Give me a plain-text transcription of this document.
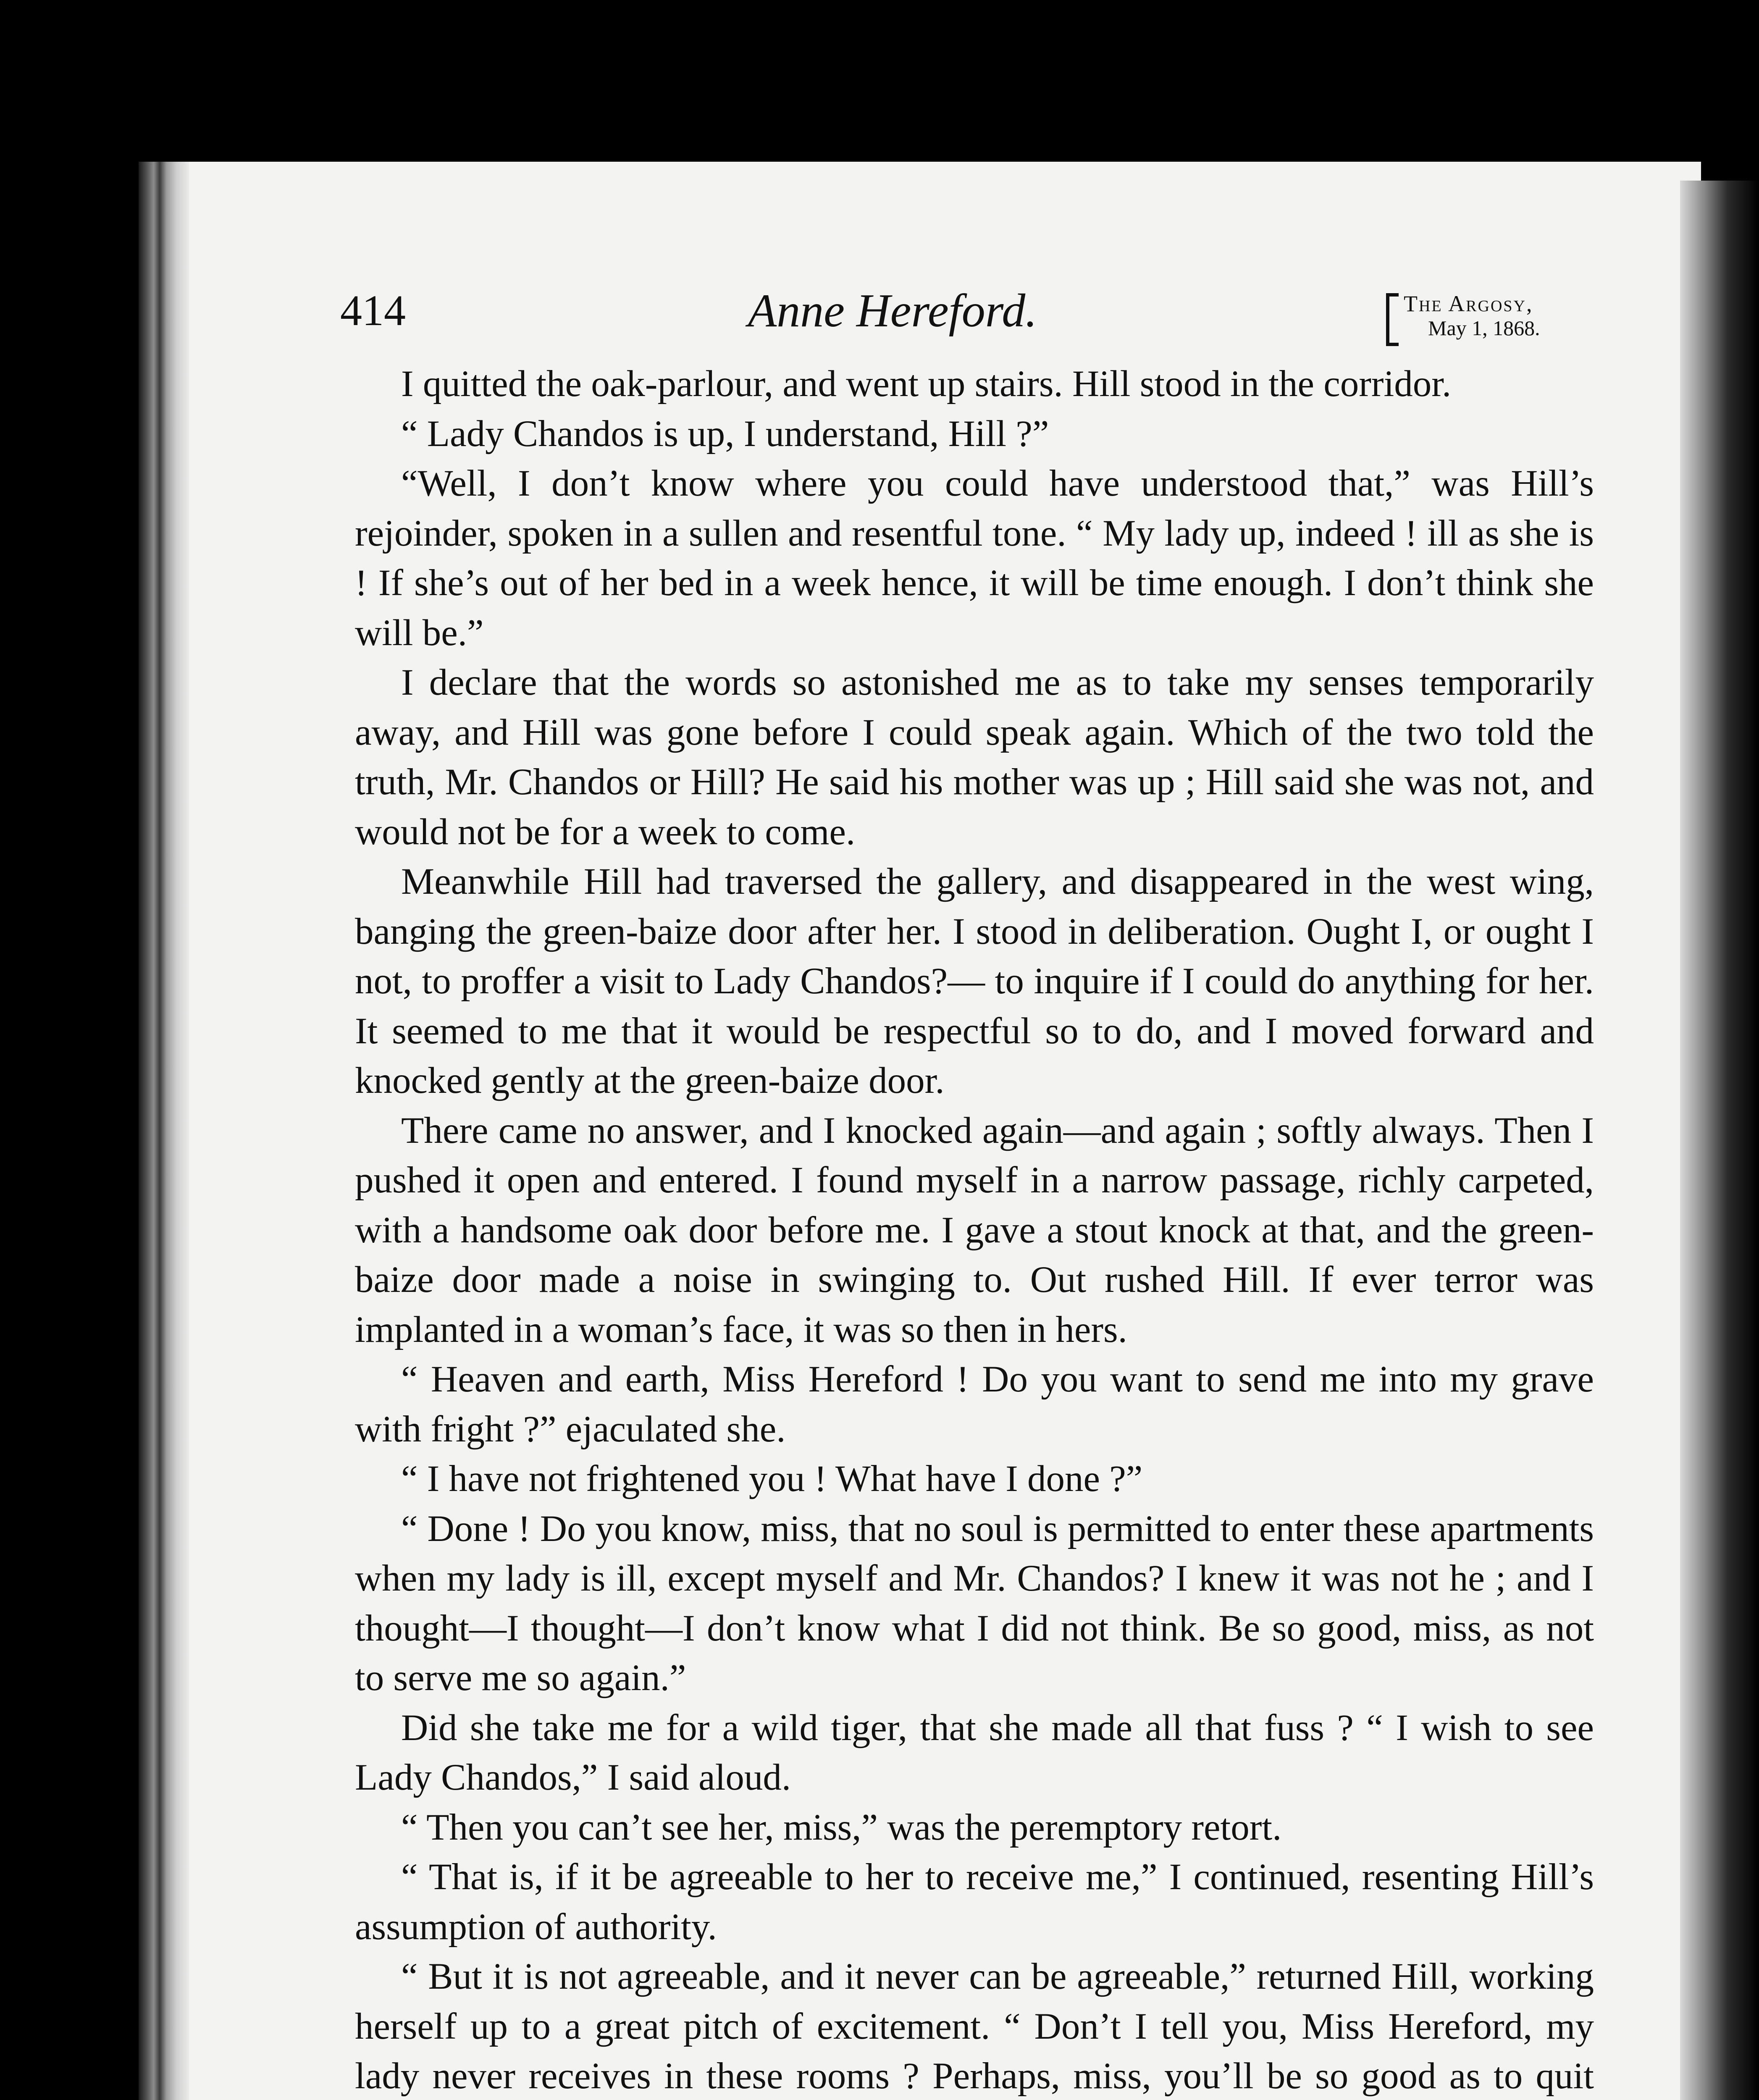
414	Anne Hereford.	The Argosy,
May 1, 1868.

I quitted the oak-parlour, and went up stairs. Hill stood in the corridor.

“ Lady Chandos is up, I understand, Hill ?”

“Well, I don’t know where you could have understood that,” was Hill’s rejoinder, spoken in a sullen and resentful tone. “ My lady up, indeed ! ill as she is ! If she’s out of her bed in a week hence, it will be time enough. I don’t think she will be.”

I declare that the words so astonished me as to take my senses temporarily away, and Hill was gone before I could speak again. Which of the two told the truth, Mr. Chandos or Hill? He said his mother was up ; Hill said she was not, and would not be for a week to come.

Meanwhile Hill had traversed the gallery, and disappeared in the west wing, banging the green-baize door after her. I stood in deliberation. Ought I, or ought I not, to proffer a visit to Lady Chandos?— to inquire if I could do anything for her. It seemed to me that it would be respectful so to do, and I moved forward and knocked gently at the green-baize door.

There came no answer, and I knocked again—and again ; softly always. Then I pushed it open and entered. I found myself in a narrow passage, richly carpeted, with a handsome oak door before me. I gave a stout knock at that, and the green-baize door made a noise in swinging to. Out rushed Hill. If ever terror was implanted in a woman’s face, it was so then in hers.

“ Heaven and earth, Miss Hereford ! Do you want to send me into my grave with fright ?” ejaculated she.

“ I have not frightened you ! What have I done ?”

“ Done ! Do you know, miss, that no soul is permitted to enter these apartments when my lady is ill, except myself and Mr. Chandos? I knew it was not he ; and I thought—I thought—I don’t know what I did not think. Be so good, miss, as not to serve me so again.”

Did she take me for a wild tiger, that she made all that fuss ? “ I wish to see Lady Chandos,” I said aloud.

“ Then you can’t see her, miss,” was the peremptory retort.

“ That is, if it be agreeable to her to receive me,” I continued, resenting Hill’s assumption of authority.

“ But it is not agreeable, and it never can be agreeable,” returned Hill, working herself up to a great pitch of excitement. “ Don’t I tell you, Miss Hereford, my lady never receives in these rooms ? Perhaps, miss, you’ll be so good as to quit
